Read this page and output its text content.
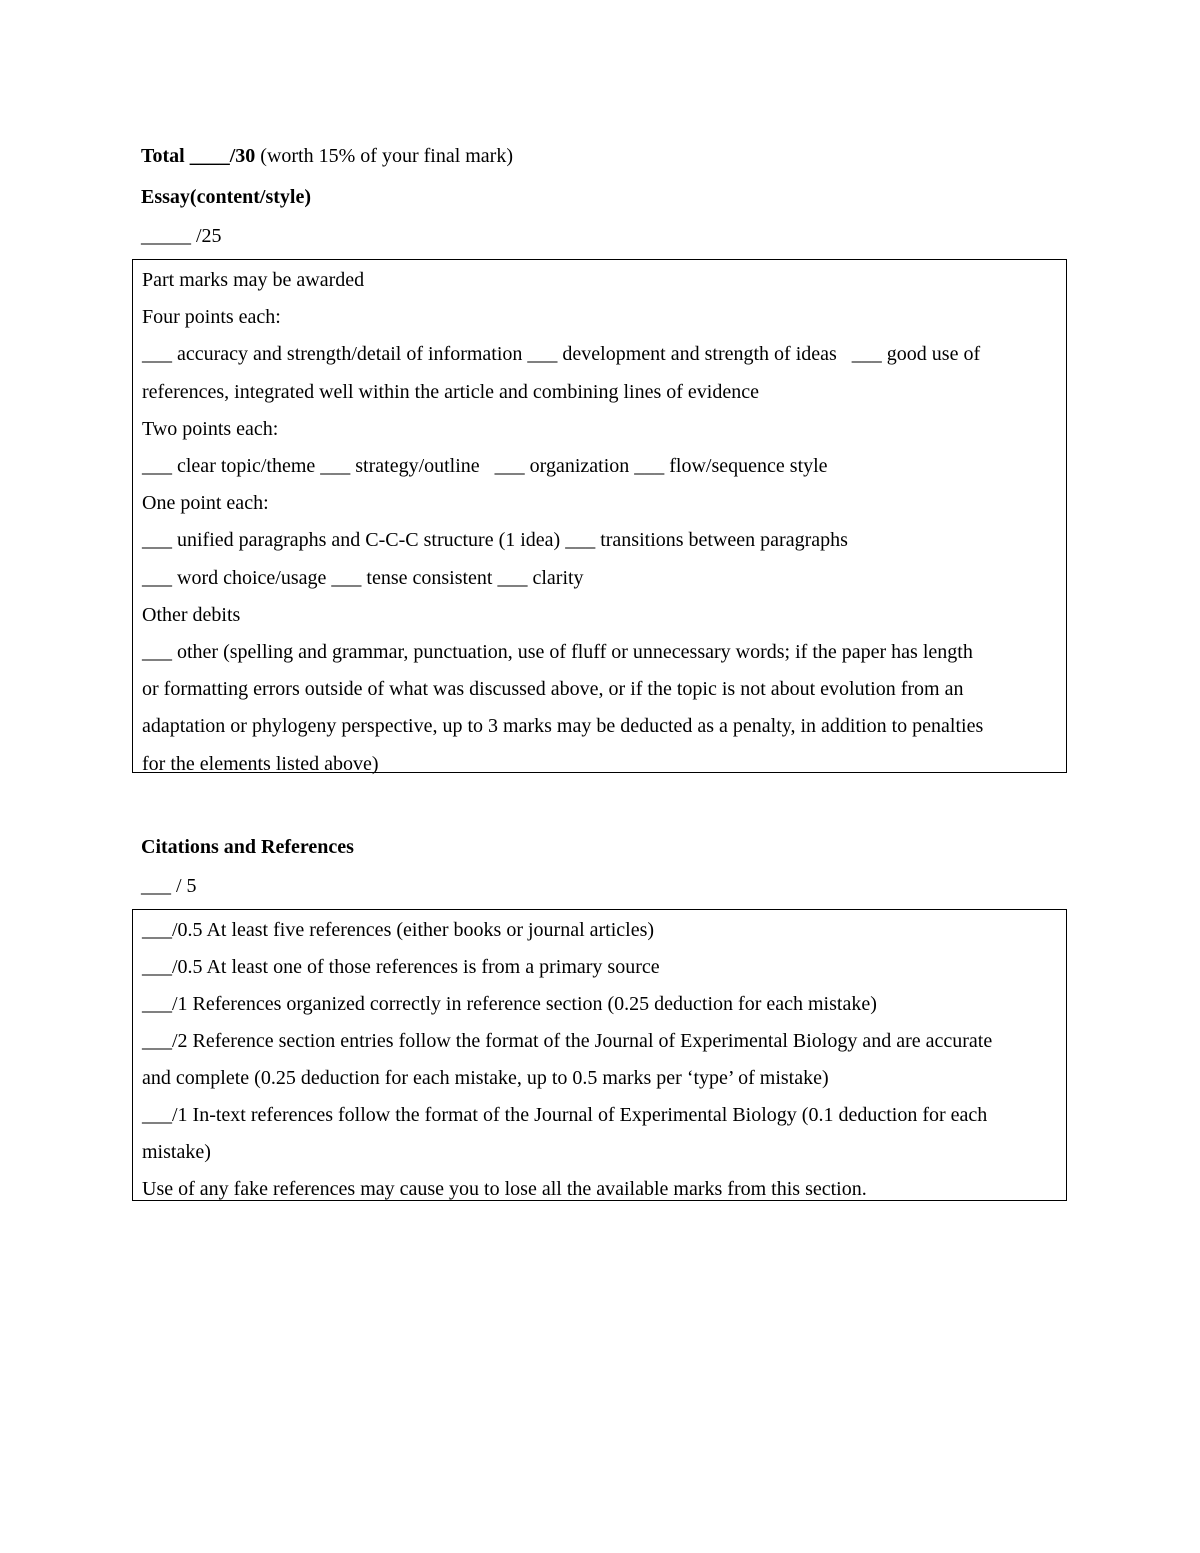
Total ____/30 (worth 15% of your final mark)
Essay(content/style)
_____ /25
Part marks may be awarded
Four points each:
___ accuracy and strength/detail of information ___ development and strength of ideas   ___ good use of
references, integrated well within the article and combining lines of evidence
Two points each:
___ clear topic/theme ___ strategy/outline   ___ organization ___ flow/sequence style
One point each:
___ unified paragraphs and C-C-C structure (1 idea) ___ transitions between paragraphs
___ word choice/usage ___ tense consistent ___ clarity
Other debits
___ other (spelling and grammar, punctuation, use of fluff or unnecessary words; if the paper has length
or formatting errors outside of what was discussed above, or if the topic is not about evolution from an
adaptation or phylogeny perspective, up to 3 marks may be deducted as a penalty, in addition to penalties
for the elements listed above)
Citations and References
___ / 5
___/0.5 At least five references (either books or journal articles)
___/0.5 At least one of those references is from a primary source
___/1 References organized correctly in reference section (0.25 deduction for each mistake)
___/2 Reference section entries follow the format of the Journal of Experimental Biology and are accurate
and complete (0.25 deduction for each mistake, up to 0.5 marks per ‘type’ of mistake)
___/1 In-text references follow the format of the Journal of Experimental Biology (0.1 deduction for each
mistake)
Use of any fake references may cause you to lose all the available marks from this section.
